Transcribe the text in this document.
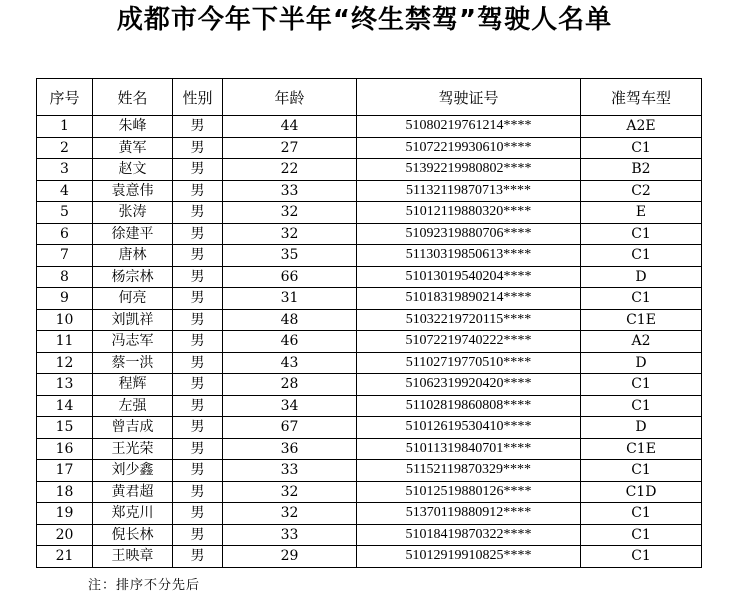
成都市今年下半年“终生禁驾”驾驶人名单
序号	姓名	性别	年龄	驾驶证号	准驾车型
1	朱峰	男	44	51080219761214****	A2E
2	黄军	男	27	51072219930610****	C1
3	赵文	男	22	51392219980802****	B2
4	袁意伟	男	33	51132119870713****	C2
5	张涛	男	32	51012119880320****	E
6	徐建平	男	32	51092319880706****	C1
7	唐林	男	35	51130319850613****	C1
8	杨宗林	男	66	51013019540204****	D
9	何亮	男	31	51018319890214****	C1
10	刘凯祥	男	48	51032219720115****	C1E
11	冯志军	男	46	51072219740222****	A2
12	蔡一洪	男	43	51102719770510****	D
13	程辉	男	28	51062319920420****	C1
14	左强	男	34	51102819860808****	C1
15	曾吉成	男	67	51012619530410****	D
16	王光荣	男	36	51011319840701****	C1E
17	刘少鑫	男	33	51152119870329****	C1
18	黄君超	男	32	51012519880126****	C1D
19	郑克川	男	32	51370119880912****	C1
20	倪长林	男	33	51018419870322****	C1
21	王映章	男	29	51012919910825****	C1
注：排序不分先后
